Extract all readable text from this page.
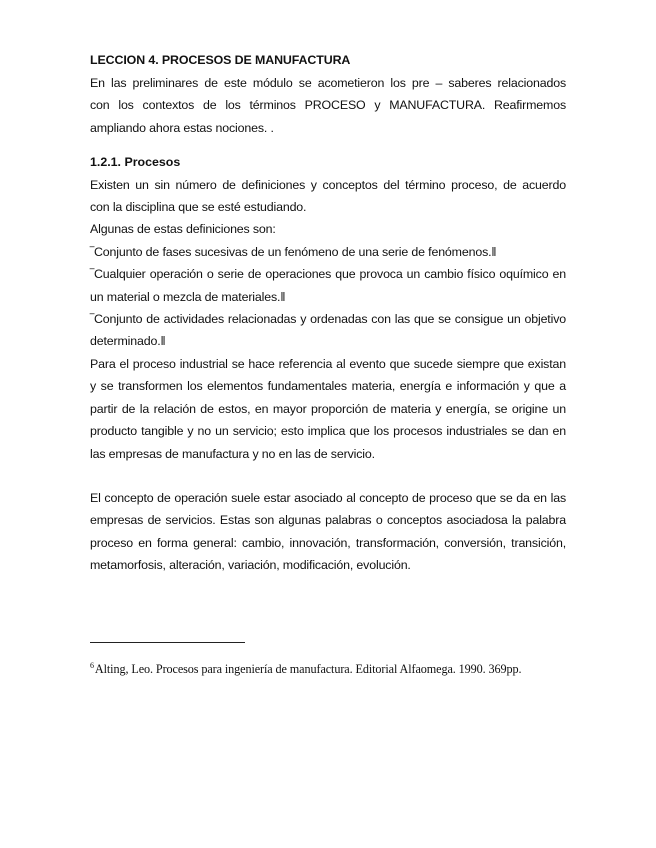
LECCION 4. PROCESOS DE MANUFACTURA

En las preliminares de este módulo se acometieron los pre – saberes relacionados

con los contextos de los términos PROCESO y MANUFACTURA. Reafirmemos

ampliando ahora estas nociones. .

1.2.1. Procesos

Existen un sin número de definiciones y conceptos del término proceso, de acuerdo

con la disciplina que se esté estudiando.

Algunas de estas definiciones son:

‾Conjunto de fases sucesivas de un fenómeno de una serie de fenómenos.‖

‾Cualquier operación o serie de operaciones que provoca un cambio físico oquímico en un material o mezcla de materiales.‖

‾Conjunto de actividades relacionadas y ordenadas con las que se consigue un objetivo determinado.‖

Para el proceso industrial se hace referencia al evento que sucede siempre que existan y se transformen los elementos fundamentales materia, energía e información y que a partir de la relación de estos, en mayor proporción de materia y energía, se origine un producto tangible y no un servicio; esto implica que los procesos industriales se dan en las empresas de manufactura y no en las de servicio.

El concepto de operación suele estar asociado al concepto de proceso que se da en las empresas de servicios. Estas son algunas palabras o conceptos asociadosa la palabra proceso en forma general: cambio, innovación, transformación, conversión, transición, metamorfosis, alteración, variación, modificación, evolución.

$^6$Alting, Leo. Procesos para ingeniería de manufactura. Editorial Alfaomega. 1990. 369pp.
